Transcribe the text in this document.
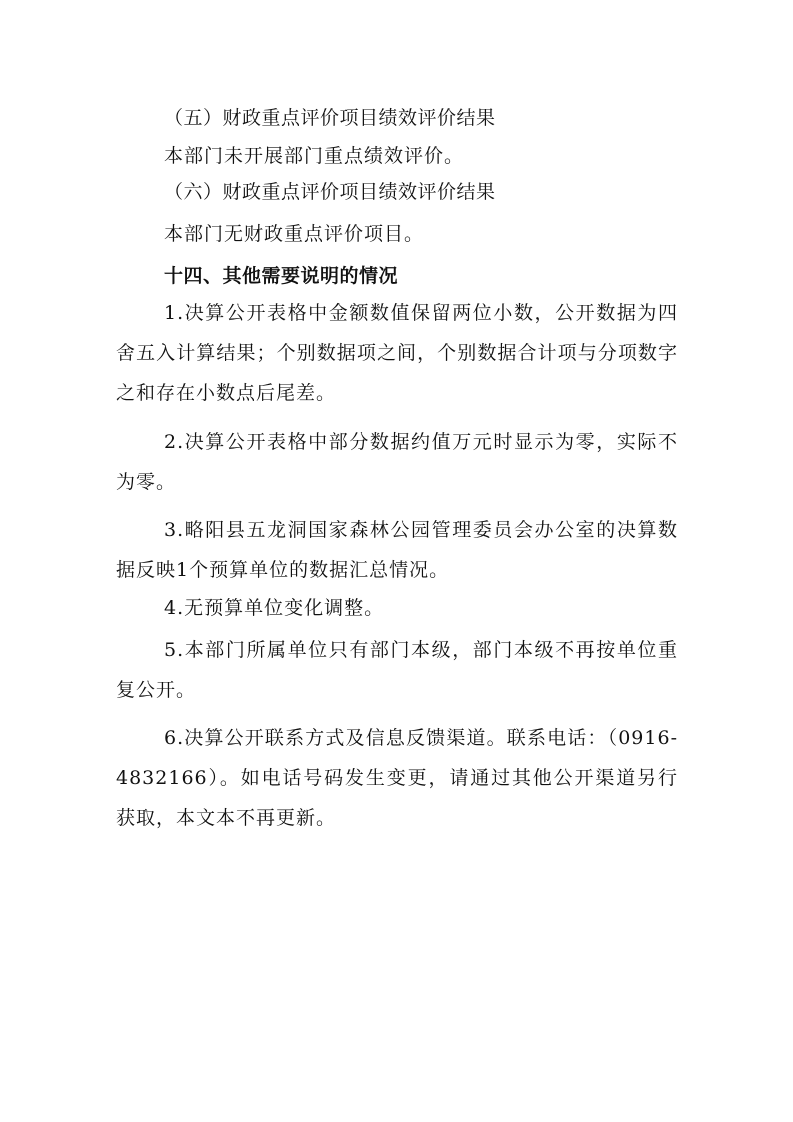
（五）财政重点评价项目绩效评价结果

本部门未开展部门重点绩效评价。

（六）财政重点评价项目绩效评价结果

本部门无财政重点评价项目。

十四、其他需要说明的情况

1.决算公开表格中金额数值保留两位小数，公开数据为四舍五入计算结果；个别数据项之间，个别数据合计项与分项数字之和存在小数点后尾差。

2.决算公开表格中部分数据约值万元时显示为零，实际不为零。

3.略阳县五龙洞国家森林公园管理委员会办公室的决算数据反映1个预算单位的数据汇总情况。

4.无预算单位变化调整。

5.本部门所属单位只有部门本级，部门本级不再按单位重复公开。

6.决算公开联系方式及信息反馈渠道。联系电话：（0916-4832166）。如电话号码发生变更，请通过其他公开渠道另行获取，本文本不再更新。
